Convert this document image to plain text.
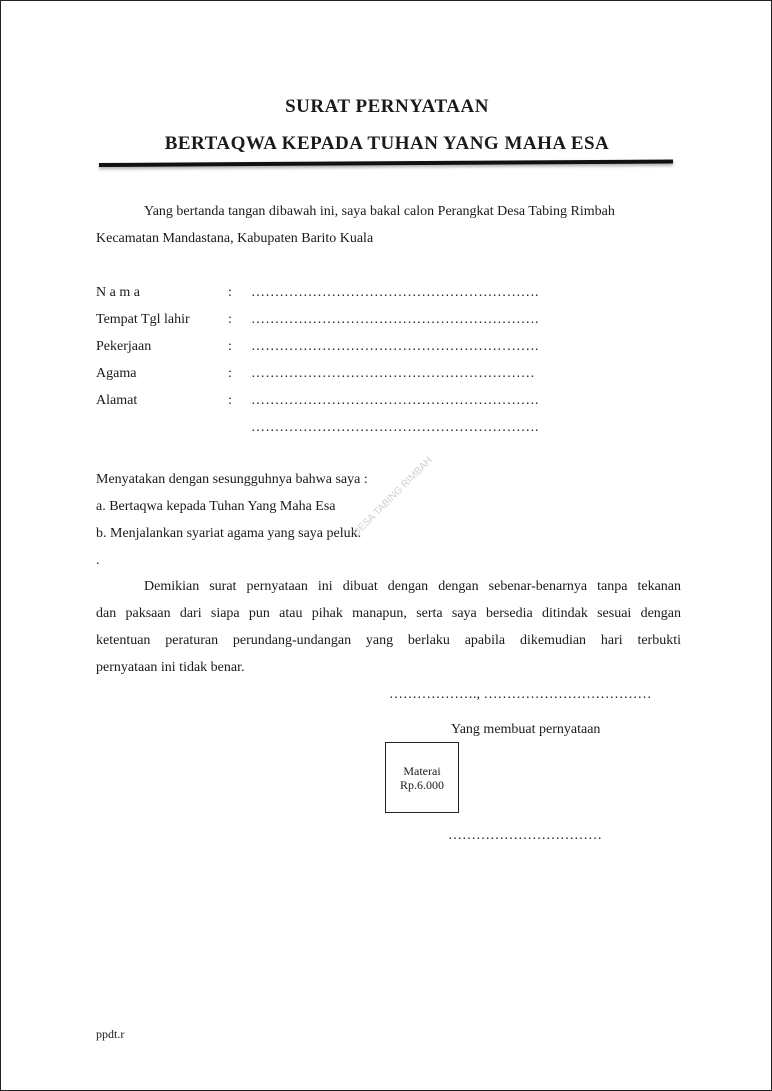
SURAT PERNYATAAN
BERTAQWA KEPADA TUHAN YANG MAHA ESA
Yang bertanda tangan dibawah ini, saya bakal calon Perangkat Desa Tabing Rimbah
Kecamatan Mandastana, Kabupaten Barito Kuala
N a m a	: …………………………………………………….
Tempat Tgl lahir	: …………………………………………………….
Pekerjaan	: …………………………………………………….
Agama	: ……………………………………………………
Alamat	: …………………………………………………….
…………………………………………………….
Menyatakan dengan sesungguhnya bahwa saya :
a. Bertaqwa kepada Tuhan Yang Maha Esa
b. Menjalankan syariat agama yang saya peluk.
.
DESA TABING RIMBAH
Demikian surat pernyataan ini dibuat dengan dengan sebenar-benarnya tanpa tekanan
dan paksaan dari siapa pun atau pihak manapun, serta saya bersedia ditindak sesuai dengan
ketentuan peraturan perundang-undangan yang berlaku apabila dikemudian hari terbukti
pernyataan ini tidak benar.
………………., ………………………………
Yang membuat pernyataan
Materai
Rp.6.000
……………………………
ppdt.r
